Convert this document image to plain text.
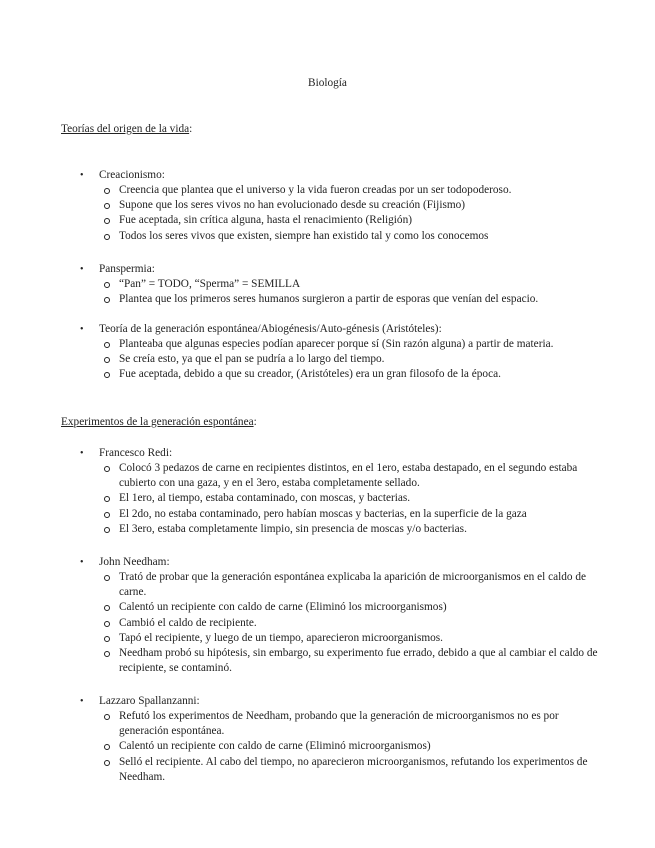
Biología
Teorías del origen de la vida:
• Creacionismo:
Creencia que plantea que el universo y la vida fueron creadas por un ser todopoderoso.
Supone que los seres vivos no han evolucionado desde su creación (Fijismo)
Fue aceptada, sin crítica alguna, hasta el renacimiento (Religión)
Todos los seres vivos que existen, siempre han existido tal y como los conocemos
• Panspermia:
“Pan” = TODO, “Sperma” = SEMILLA
Plantea que los primeros seres humanos surgieron a partir de esporas que venían del espacio.
• Teoría de la generación espontánea/Abiogénesis/Auto-génesis (Aristóteles):
Planteaba que algunas especies podían aparecer porque sí (Sin razón alguna) a partir de materia.
Se creía esto, ya que el pan se pudría a lo largo del tiempo.
Fue aceptada, debido a que su creador, (Aristóteles) era un gran filosofo de la época.
Experimentos de la generación espontánea:
• Francesco Redi:
Colocó 3 pedazos de carne en recipientes distintos, en el 1ero, estaba destapado, en el segundo estaba cubierto con una gaza, y en el 3ero, estaba completamente sellado.
El 1ero, al tiempo, estaba contaminado, con moscas, y bacterias.
El 2do, no estaba contaminado, pero habían moscas y bacterias, en la superficie de la gaza
El 3ero, estaba completamente limpio, sin presencia de moscas y/o bacterias.
• John Needham:
Trató de probar que la generación espontánea explicaba la aparición de microorganismos en el caldo de carne.
Calentó un recipiente con caldo de carne (Eliminó los microorganismos)
Cambió el caldo de recipiente.
Tapó el recipiente, y luego de un tiempo, aparecieron microorganismos.
Needham probó su hipótesis, sin embargo, su experimento fue errado, debido a que al cambiar el caldo de recipiente, se contaminó.
• Lazzaro Spallanzanni:
Refutó los experimentos de Needham, probando que la generación de microorganismos no es por generación espontánea.
Calentó un recipiente con caldo de carne (Eliminó microorganismos)
Selló el recipiente. Al cabo del tiempo, no aparecieron microorganismos, refutando los experimentos de Needham.
